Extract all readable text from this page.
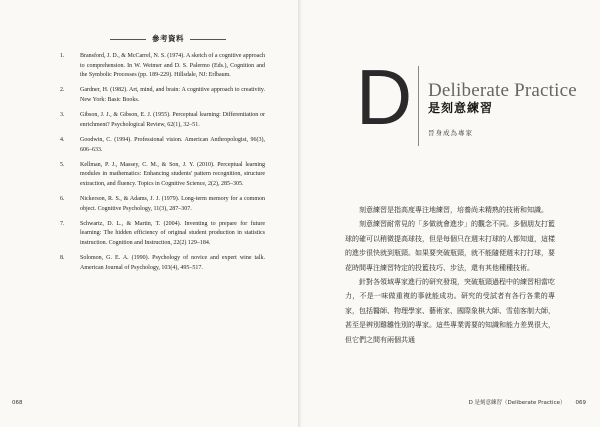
參考資料
1.	Bransford, J. D., & McCarrel, N. S. (1974). A sketch of a cognitive approach to comprehension. In W. Weimer and D. S. Palermo (Eds.), Cognition and the Symbolic Processes (pp. 189-229). Hillsdale, NJ: Erlbaum.
2.	Gardner, H. (1982). Art, mind, and brain: A cognitive approach to creativity. New York: Basic Books.
3.	Gibson, J. J., & Gibson, E. J. (1955). Perceptual learning: Differentiation or enrichment? Psychological Review, 62(1), 32–51.
4.	Goodwin, C. (1994). Professional vision. American Anthropologist, 96(3), 606–633.
5.	Kellman, P. J., Massey, C. M., & Son, J. Y. (2010). Perceptual learning modules in mathematics: Enhancing students' pattern recognition, structure extraction, and fluency. Topics in Cognitive Science, 2(2), 285–305.
6.	Nickerson, R. S., & Adams, J. J. (1979). Long-term memory for a common object. Cognitive Psychology, 11(3), 287–307.
7.	Schwartz, D. L., & Martin, T. (2004). Inventing to prepare for future learning: The hidden efficiency of original student production in statistics instruction. Cognition and Instruction, 22(2) 129–184.
8.	Solomon, G. E. A. (1990). Psychology of novice and expert wine talk. American Journal of Psychology, 103(4), 495–517.
068
D Deliberate Practice
是刻意練習
晉身成為專家

刻意練習是指高度專注地練習，培養尚未精熟的技術和知識。

刻意練習耐常見的「多做就會進步」的觀念不同。多個朋友打籃球的確可以稍微提高球技，但是每個只在週末打球的人都知道，這樣的進步很快就到瓶頸。如果要突破瓶頸，就不能隨便週末打打球，要花時間專注練習特定的投籃技巧、步法，還有其他種種技術。

針對各領域專家進行的研究發現，突破瓶頸過程中的練習相當吃力，不是一味做重複的事就能成功。研究的受試者有各行各業的專家，包括醫師、物理學家、藝術家、國際象棋大師、雪茄客制大師，甚至是辨別雞雛性別的專家。這些專業需要的知識和能力差異很大，但它們之間有兩個共通

D 是刻意練習（Deliberate Practice） 069
